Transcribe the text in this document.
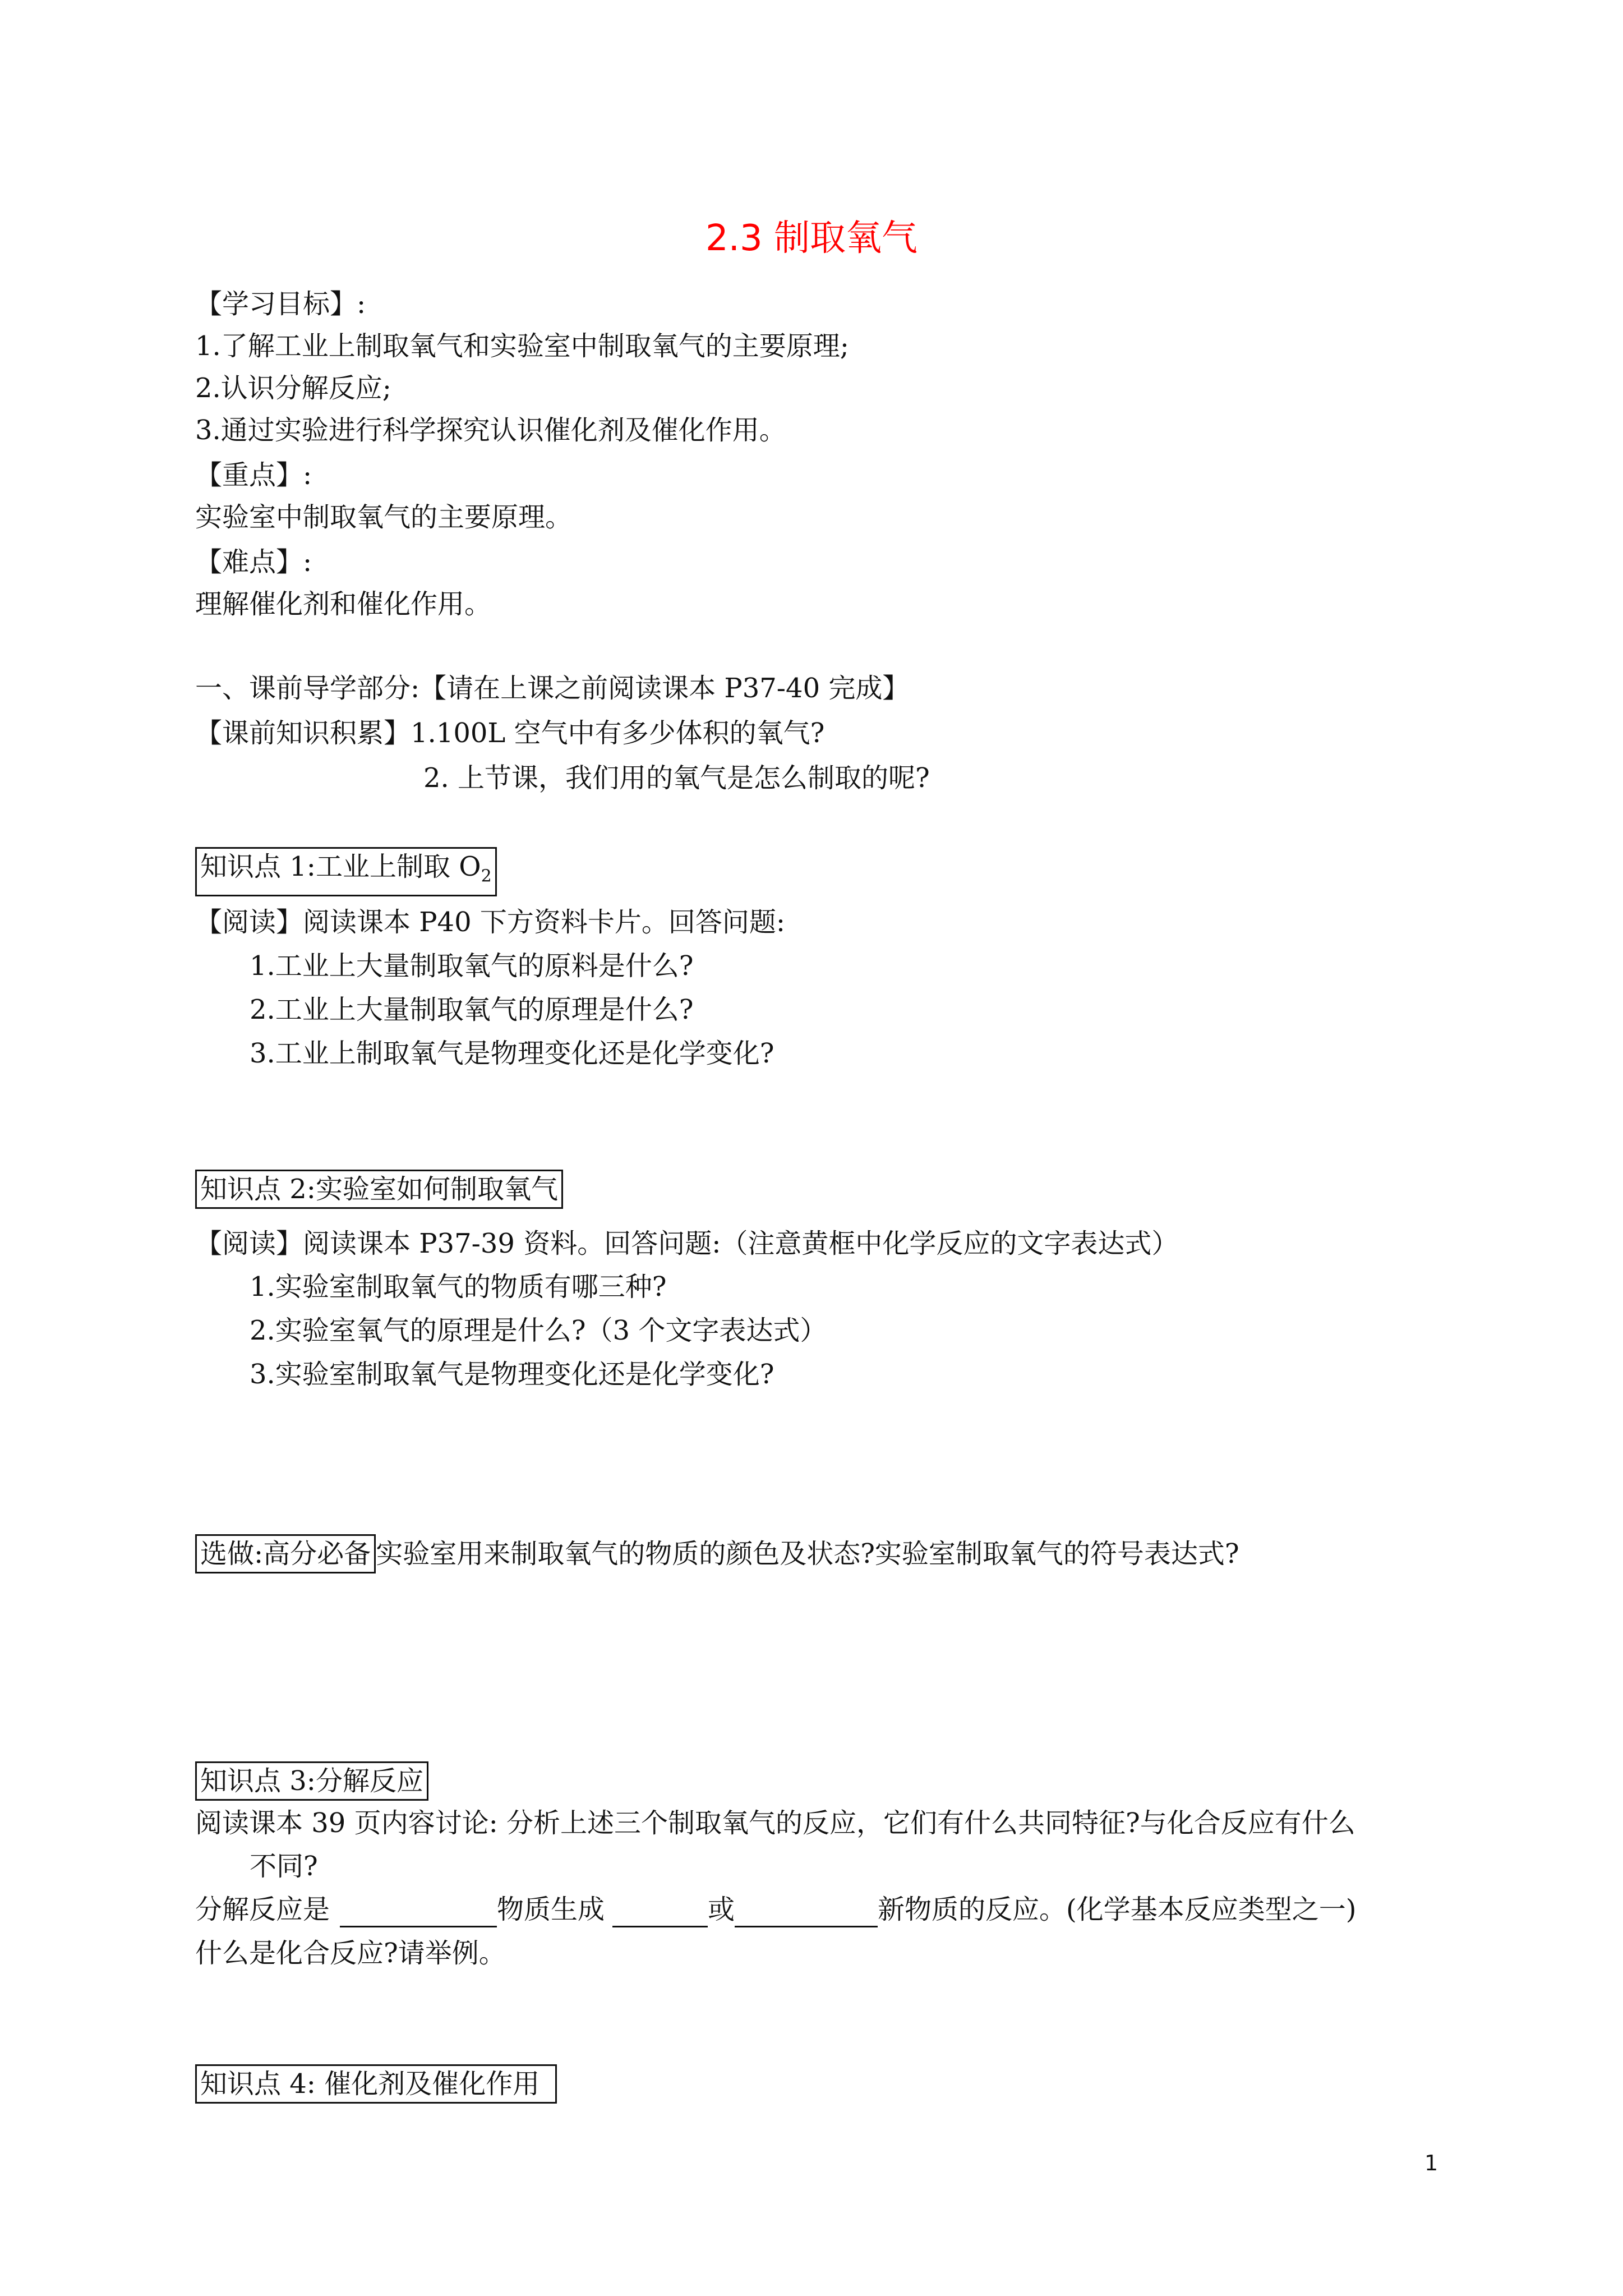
2.3 制取氧气
【学习目标】:
1.了解工业上制取氧气和实验室中制取氧气的主要原理;
2.认识分解反应;
3.通过实验进行科学探究认识催化剂及催化作用。
【重点】:
实验室中制取氧气的主要原理。
【难点】:
理解催化剂和催化作用。
一、课前导学部分:【请在上课之前阅读课本 P37-40 完成】
【课前知识积累】1.100L 空气中有多少体积的氧气?
2. 上节课，我们用的氧气是怎么制取的呢?
知识点 1:工业上制取 $O_2$
【阅读】阅读课本 P40 下方资料卡片。回答问题:
1.工业上大量制取氧气的原料是什么?
2.工业上大量制取氧气的原理是什么?
3.工业上制取氧气是物理变化还是化学变化?
知识点 2:实验室如何制取氧气
【阅读】阅读课本 P37-39 资料。回答问题:（注意黄框中化学反应的文字表达式）
1.实验室制取氧气的物质有哪三种?
2.实验室氧气的原理是什么?（3 个文字表达式）
3.实验室制取氧气是物理变化还是化学变化?
选做:高分必备 实验室用来制取氧气的物质的颜色及状态?实验室制取氧气的符号表达式?
知识点 3:分解反应
阅读课本 39 页内容讨论: 分析上述三个制取氧气的反应，它们有什么共同特征?与化合反应有什么
不同?
分解反应是	物质生成	或	新物质的反应。(化学基本反应类型之一)
什么是化合反应?请举例。
知识点 4: 催化剂及催化作用
1
